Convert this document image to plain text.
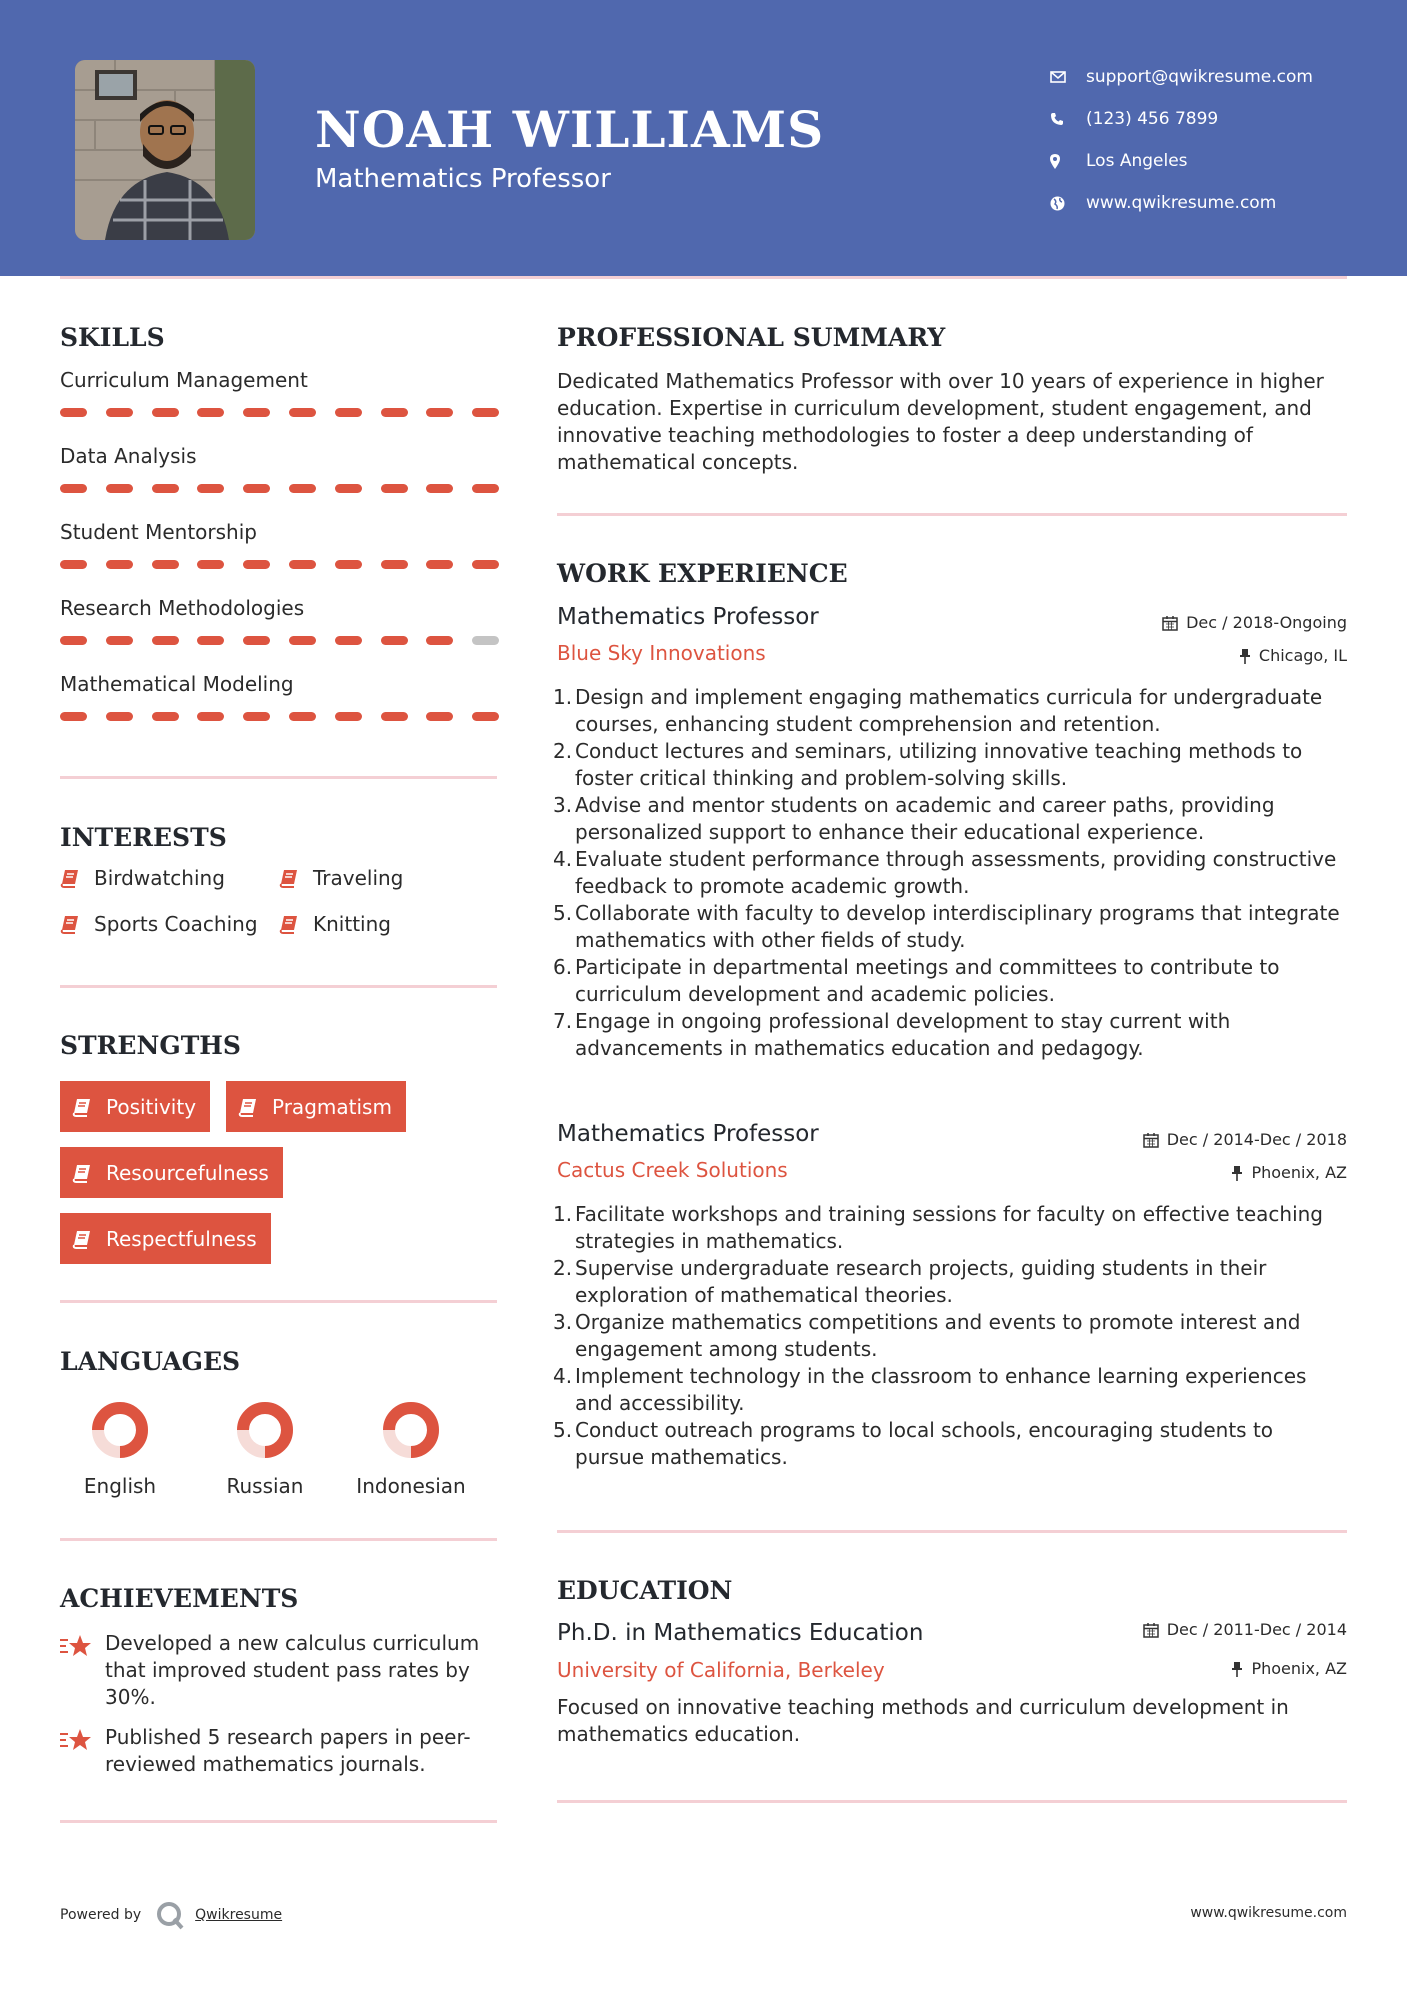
NOAH WILLIAMS
Mathematics Professor
support@qwikresume.com
(123) 456 7899
Los Angeles
www.qwikresume.com
SKILLS
Curriculum Management
Data Analysis
Student Mentorship
Research Methodologies
Mathematical Modeling
INTERESTS
Birdwatching	Traveling
Sports Coaching	Knitting
STRENGTHS
Positivity	Pragmatism
Resourcefulness
Respectfulness
LANGUAGES
English	Russian	Indonesian
ACHIEVEMENTS
Developed a new calculus curriculum that improved student pass rates by 30%.
Published 5 research papers in peer-reviewed mathematics journals.
PROFESSIONAL SUMMARY
Dedicated Mathematics Professor with over 10 years of experience in higher education. Expertise in curriculum development, student engagement, and innovative teaching methodologies to foster a deep understanding of mathematical concepts.
WORK EXPERIENCE
Mathematics Professor	Dec / 2018-Ongoing
Blue Sky Innovations	Chicago, IL
Design and implement engaging mathematics curricula for undergraduate courses, enhancing student comprehension and retention.
Conduct lectures and seminars, utilizing innovative teaching methods to foster critical thinking and problem-solving skills.
Advise and mentor students on academic and career paths, providing personalized support to enhance their educational experience.
Evaluate student performance through assessments, providing constructive feedback to promote academic growth.
Collaborate with faculty to develop interdisciplinary programs that integrate mathematics with other fields of study.
Participate in departmental meetings and committees to contribute to curriculum development and academic policies.
Engage in ongoing professional development to stay current with advancements in mathematics education and pedagogy.
Mathematics Professor	Dec / 2014-Dec / 2018
Cactus Creek Solutions	Phoenix, AZ
Facilitate workshops and training sessions for faculty on effective teaching strategies in mathematics.
Supervise undergraduate research projects, guiding students in their exploration of mathematical theories.
Organize mathematics competitions and events to promote interest and engagement among students.
Implement technology in the classroom to enhance learning experiences and accessibility.
Conduct outreach programs to local schools, encouraging students to pursue mathematics.
EDUCATION
Ph.D. in Mathematics Education	Dec / 2011-Dec / 2014
University of California, Berkeley	Phoenix, AZ
Focused on innovative teaching methods and curriculum development in mathematics education.
Powered by	Qwikresume	www.qwikresume.com
